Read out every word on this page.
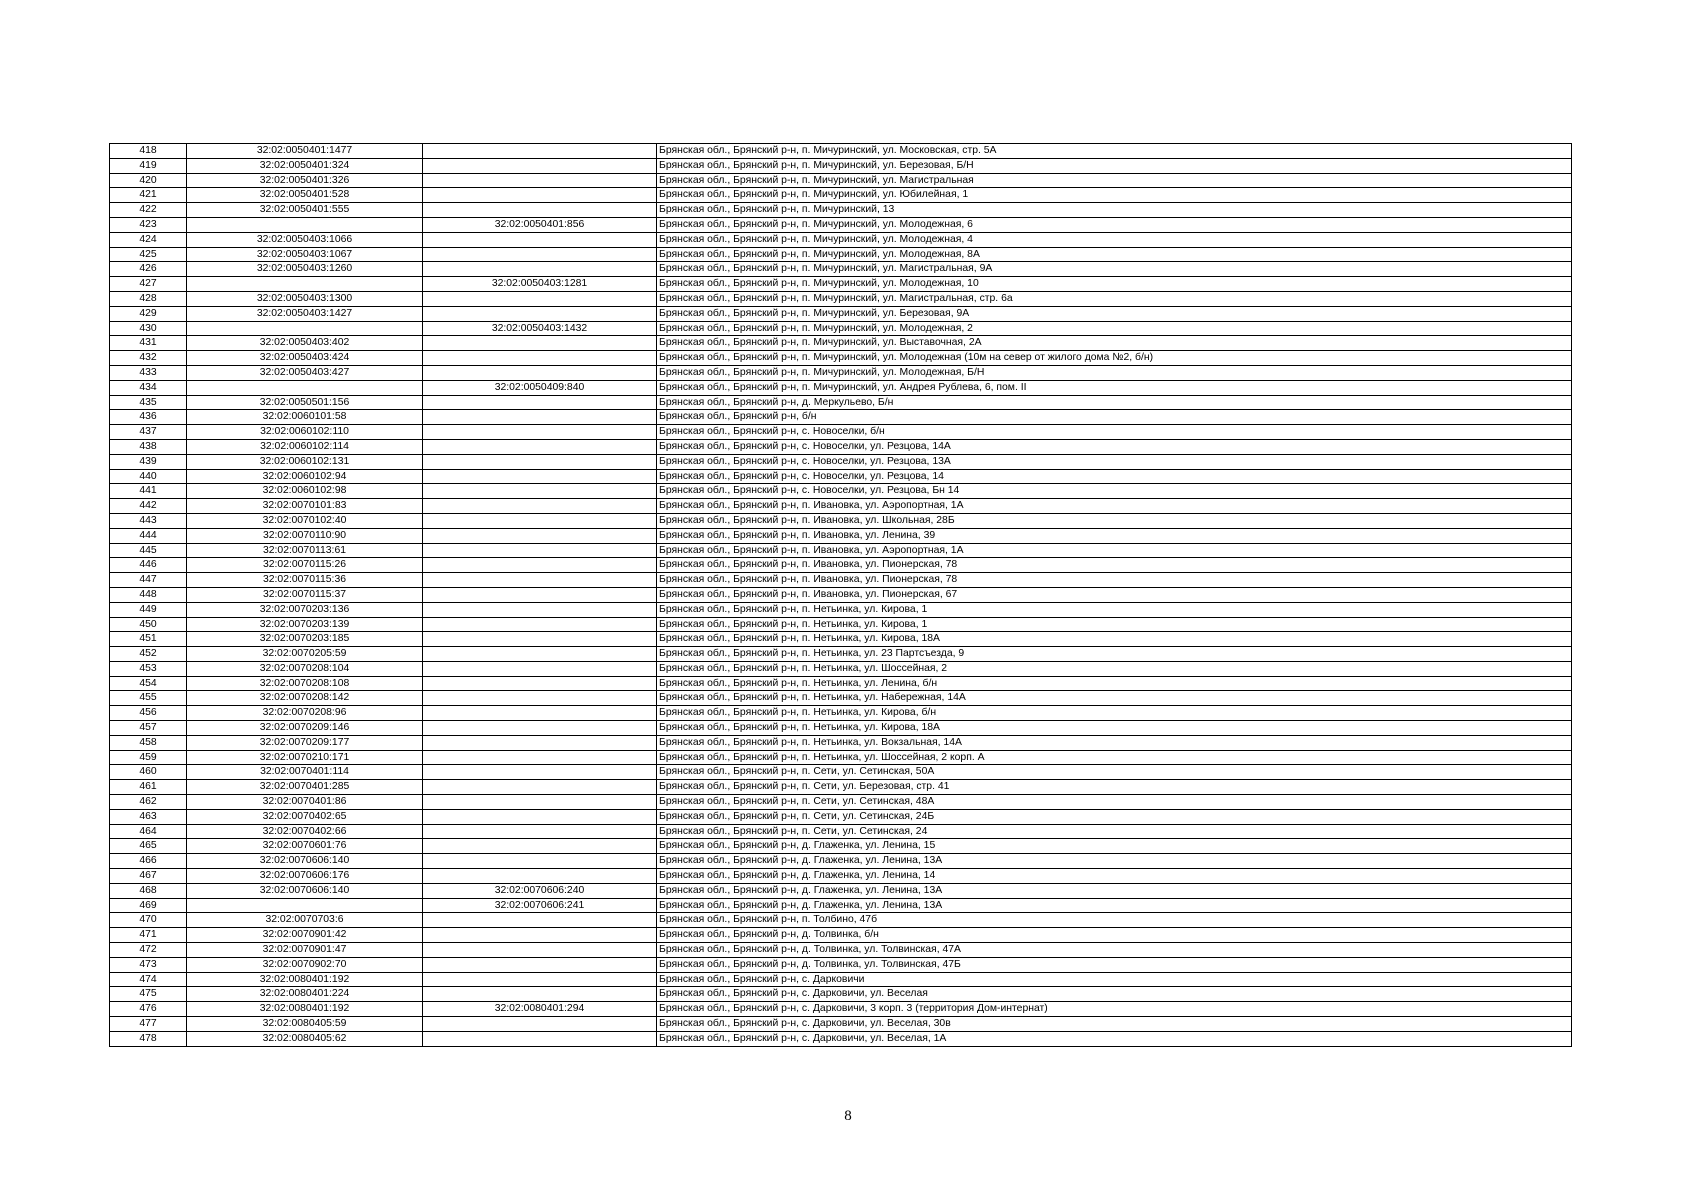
418	32:02:0050401:1477		Брянская обл., Брянский р-н, п. Мичуринский, ул. Московская, стр. 5А
419	32:02:0050401:324		Брянская обл., Брянский р-н, п. Мичуринский, ул. Березовая, Б/Н
420	32:02:0050401:326		Брянская обл., Брянский р-н, п. Мичуринский, ул. Магистральная
421	32:02:0050401:528		Брянская обл., Брянский р-н, п. Мичуринский, ул. Юбилейная, 1
422	32:02:0050401:555		Брянская обл., Брянский р-н, п. Мичуринский, 13
423		32:02:0050401:856	Брянская обл., Брянский р-н, п. Мичуринский, ул. Молодежная, 6
424	32:02:0050403:1066		Брянская обл., Брянский р-н, п. Мичуринский, ул. Молодежная, 4
425	32:02:0050403:1067		Брянская обл., Брянский р-н, п. Мичуринский, ул. Молодежная, 8А
426	32:02:0050403:1260		Брянская обл., Брянский р-н, п. Мичуринский, ул. Магистральная, 9А
427		32:02:0050403:1281	Брянская обл., Брянский р-н, п. Мичуринский, ул. Молодежная, 10
428	32:02:0050403:1300		Брянская обл., Брянский р-н, п. Мичуринский, ул. Магистральная, стр. 6а
429	32:02:0050403:1427		Брянская обл., Брянский р-н, п. Мичуринский, ул. Березовая, 9А
430		32:02:0050403:1432	Брянская обл., Брянский р-н, п. Мичуринский, ул. Молодежная, 2
431	32:02:0050403:402		Брянская обл., Брянский р-н, п. Мичуринский, ул. Выставочная, 2А
432	32:02:0050403:424		Брянская обл., Брянский р-н, п. Мичуринский, ул. Молодежная (10м на север от жилого дома №2, б/н)
433	32:02:0050403:427		Брянская обл., Брянский р-н, п. Мичуринский, ул. Молодежная, Б/Н
434		32:02:0050409:840	Брянская обл., Брянский р-н, п. Мичуринский, ул. Андрея Рублева, 6, пом. II
435	32:02:0050501:156		Брянская обл., Брянский р-н, д. Меркульево, Б/н
436	32:02:0060101:58		Брянская обл., Брянский р-н, б/н
437	32:02:0060102:110		Брянская обл., Брянский р-н, с. Новоселки, б/н
438	32:02:0060102:114		Брянская обл., Брянский р-н, с. Новоселки, ул. Резцова, 14А
439	32:02:0060102:131		Брянская обл., Брянский р-н, с. Новоселки, ул. Резцова, 13А
440	32:02:0060102:94		Брянская обл., Брянский р-н, с. Новоселки, ул. Резцова, 14
441	32:02:0060102:98		Брянская обл., Брянский р-н, с. Новоселки, ул. Резцова, Бн 14
442	32:02:0070101:83		Брянская обл., Брянский р-н, п. Ивановка, ул. Аэропортная, 1А
443	32:02:0070102:40		Брянская обл., Брянский р-н, п. Ивановка, ул. Школьная, 28Б
444	32:02:0070110:90		Брянская обл., Брянский р-н, п. Ивановка, ул. Ленина, 39
445	32:02:0070113:61		Брянская обл., Брянский р-н, п. Ивановка, ул. Аэропортная, 1А
446	32:02:0070115:26		Брянская обл., Брянский р-н, п. Ивановка, ул. Пионерская, 78
447	32:02:0070115:36		Брянская обл., Брянский р-н, п. Ивановка, ул. Пионерская, 78
448	32:02:0070115:37		Брянская обл., Брянский р-н, п. Ивановка, ул. Пионерская, 67
449	32:02:0070203:136		Брянская обл., Брянский р-н, п. Нетьинка, ул. Кирова, 1
450	32:02:0070203:139		Брянская обл., Брянский р-н, п. Нетьинка, ул. Кирова, 1
451	32:02:0070203:185		Брянская обл., Брянский р-н, п. Нетьинка, ул. Кирова, 18А
452	32:02:0070205:59		Брянская обл., Брянский р-н, п. Нетьинка, ул. 23 Партсъезда, 9
453	32:02:0070208:104		Брянская обл., Брянский р-н, п. Нетьинка, ул. Шоссейная, 2
454	32:02:0070208:108		Брянская обл., Брянский р-н, п. Нетьинка, ул. Ленина, б/н
455	32:02:0070208:142		Брянская обл., Брянский р-н, п. Нетьинка, ул. Набережная, 14А
456	32:02:0070208:96		Брянская обл., Брянский р-н, п. Нетьинка, ул. Кирова, б/н
457	32:02:0070209:146		Брянская обл., Брянский р-н, п. Нетьинка, ул. Кирова, 18А
458	32:02:0070209:177		Брянская обл., Брянский р-н, п. Нетьинка, ул. Вокзальная, 14А
459	32:02:0070210:171		Брянская обл., Брянский р-н, п. Нетьинка, ул. Шоссейная, 2 корп. А
460	32:02:0070401:114		Брянская обл., Брянский р-н, п. Сети, ул. Сетинская, 50А
461	32:02:0070401:285		Брянская обл., Брянский р-н, п. Сети, ул. Березовая, стр. 41
462	32:02:0070401:86		Брянская обл., Брянский р-н, п. Сети, ул. Сетинская, 48А
463	32:02:0070402:65		Брянская обл., Брянский р-н, п. Сети, ул. Сетинская, 24Б
464	32:02:0070402:66		Брянская обл., Брянский р-н, п. Сети, ул. Сетинская, 24
465	32:02:0070601:76		Брянская обл., Брянский р-н, д. Глаженка, ул. Ленина, 15
466	32:02:0070606:140		Брянская обл., Брянский р-н, д. Глаженка, ул. Ленина, 13А
467	32:02:0070606:176		Брянская обл., Брянский р-н, д. Глаженка, ул. Ленина, 14
468	32:02:0070606:140	32:02:0070606:240	Брянская обл., Брянский р-н, д. Глаженка, ул. Ленина, 13А
469		32:02:0070606:241	Брянская обл., Брянский р-н, д. Глаженка, ул. Ленина, 13А
470	32:02:0070703:6		Брянская обл., Брянский р-н, п. Толбино, 47б
471	32:02:0070901:42		Брянская обл., Брянский р-н, д. Толвинка, б/н
472	32:02:0070901:47		Брянская обл., Брянский р-н, д. Толвинка, ул. Толвинская, 47А
473	32:02:0070902:70		Брянская обл., Брянский р-н, д. Толвинка, ул. Толвинская, 47Б
474	32:02:0080401:192		Брянская обл., Брянский р-н, с. Дарковичи
475	32:02:0080401:224		Брянская обл., Брянский р-н, с. Дарковичи, ул. Веселая
476	32:02:0080401:192	32:02:0080401:294	Брянская обл., Брянский р-н, с. Дарковичи, 3 корп. 3 (территория Дом-интернат)
477	32:02:0080405:59		Брянская обл., Брянский р-н, с. Дарковичи, ул. Веселая, 30в
478	32:02:0080405:62		Брянская обл., Брянский р-н, с. Дарковичи, ул. Веселая, 1А
8
